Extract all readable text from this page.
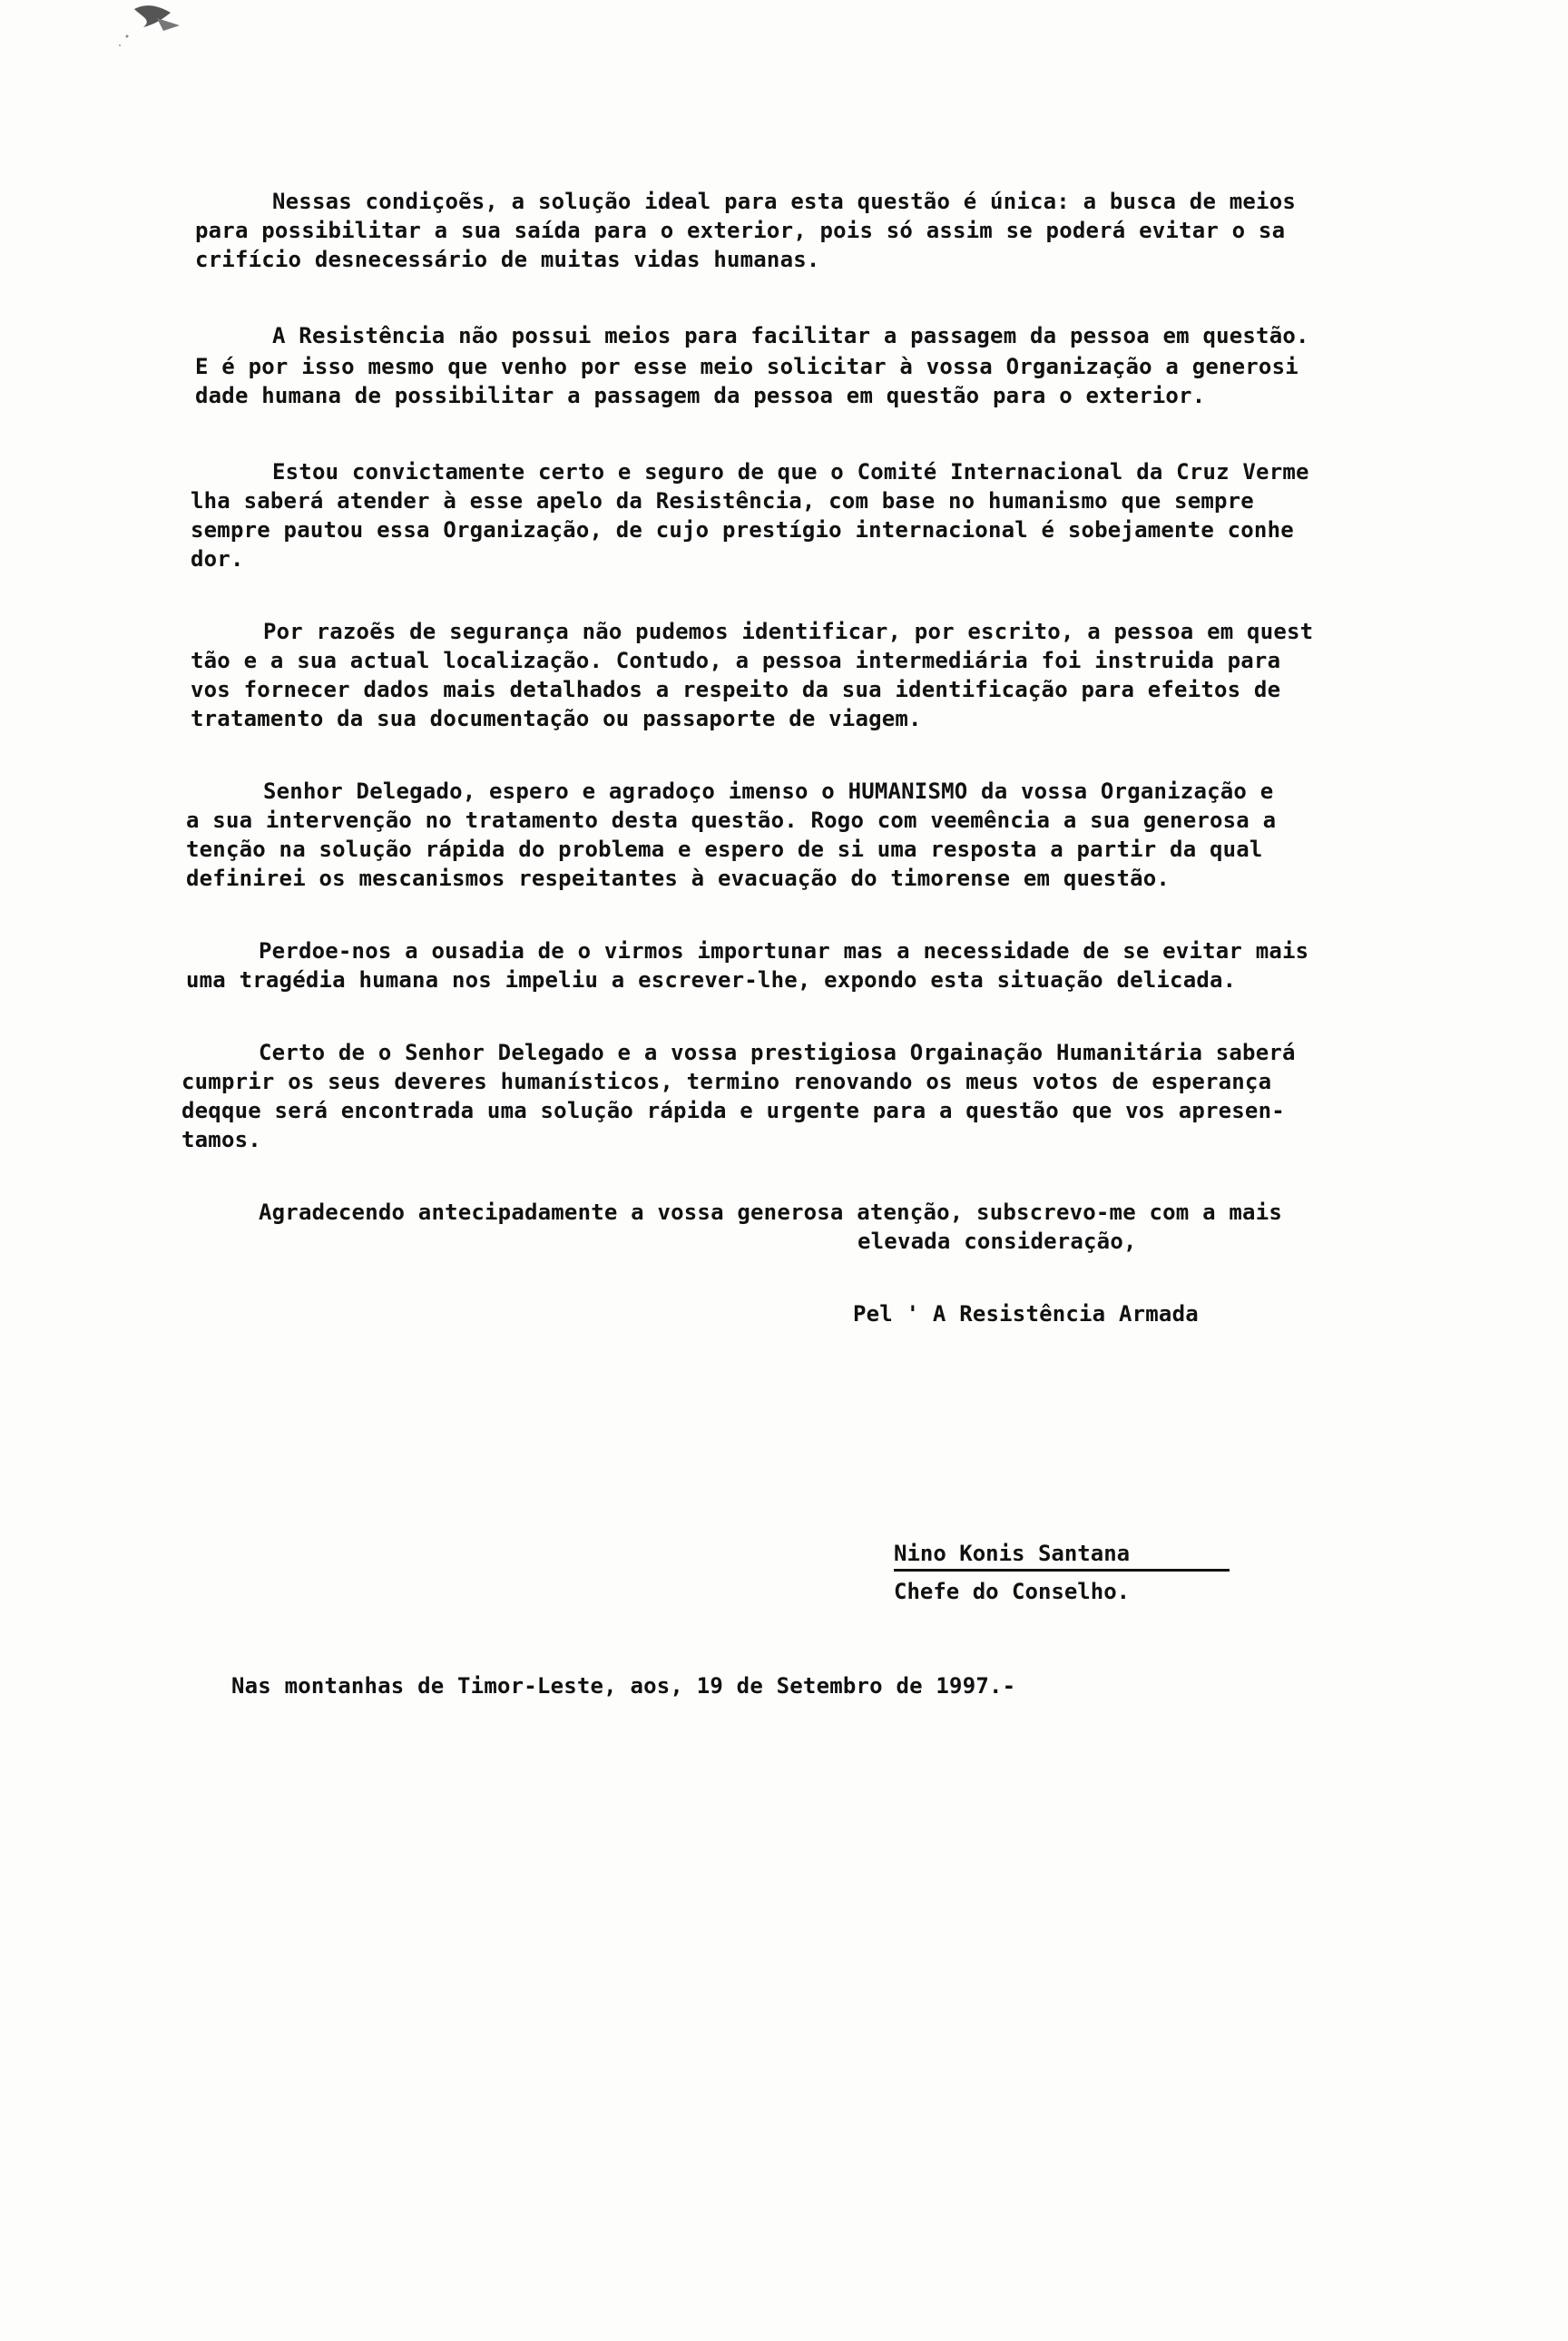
Nessas condiçoẽs, a solução ideal para esta questão é única: a busca de meios
para possibilitar a sua saída para o exterior, pois só assim se poderá evitar o sa
crifício desnecessário de muitas vidas humanas.
A Resistência não possui meios para facilitar a passagem da pessoa em questão.
E é por isso mesmo que venho por esse meio solicitar à vossa Organização a generosi
dade humana de possibilitar a passagem da pessoa em questão para o exterior.
Estou convictamente certo e seguro de que o Comité Internacional da Cruz Verme
lha saberá atender à esse apelo da Resistência, com base no humanismo que sempre
sempre pautou essa Organização, de cujo prestígio internacional é sobejamente conhe
dor.
Por razoẽs de segurança não pudemos identificar, por escrito, a pessoa em quest
tão e a sua actual localização. Contudo, a pessoa intermediária foi instruida para
vos fornecer dados mais detalhados a respeito da sua identificação para efeitos de
tratamento da sua documentação ou passaporte de viagem.
Senhor Delegado, espero e agradoço imenso o HUMANISMO da vossa Organização e
a sua intervenção no tratamento desta questão. Rogo com veemência a sua generosa a
tenção na solução rápida do problema e espero de si uma resposta a partir da qual
definirei os mescanismos respeitantes à evacuação do timorense em questão.
Perdoe-nos a ousadia de o virmos importunar mas a necessidade de se evitar mais
uma tragédia humana nos impeliu a escrever-lhe, expondo esta situação delicada.
Certo de o Senhor Delegado e a vossa prestigiosa Orgainação Humanitária saberá
cumprir os seus deveres humanísticos, termino renovando os meus votos de esperança
deqque será encontrada uma solução rápida e urgente para a questão que vos apresen-
tamos.
Agradecendo antecipadamente a vossa generosa atenção, subscrevo-me com a mais
elevada consideração,
Pel ' A Resistência Armada
Nino Konis Santana
Chefe do Conselho.
Nas montanhas de Timor-Leste, aos, 19 de Setembro de 1997.-
